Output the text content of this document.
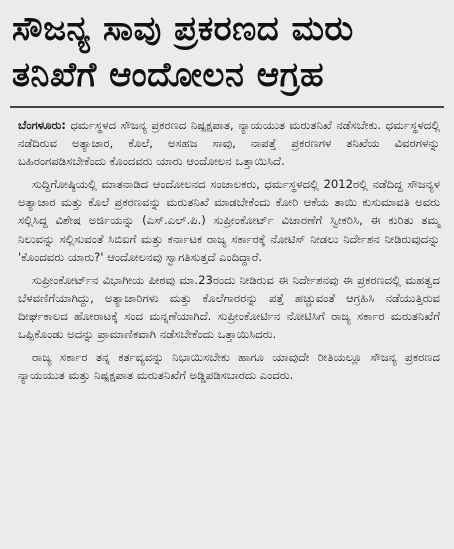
ಸೌಜನ್ಯ ಸಾವು ಪ್ರಕರಣದ ಮರು
ತನಿಖೆಗೆ ಆಂದೋಲನ ಆಗ್ರಹ

ಬೆಂಗಳೂರು: ಧರ್ಮಸ್ಥಳದ ಸೌಜನ್ಯ ಪ್ರಕರಣದ ನಿಷ್ಪಕ್ಷಪಾತ, ನ್ಯಾಯಯುತ ಮರುತನಿಖೆ ನಡೆಸಬೇಕು. ಧರ್ಮಸ್ಥಳದಲ್ಲಿ ನಡೆದಿರುವ ಅತ್ಯಾಚಾರ, ಕೊಲೆ, ಅಸಹಜ ಸಾವು, ನಾಪತ್ತೆ ಪ್ರಕರಣಗಳ ತನಿಖೆಯ ವಿವರಗಳನ್ನು ಬಹಿರಂಗಪಡಿಸಬೇಕೆಂದು ಕೊಂದವರು ಯಾರು ಆಂದೋಲನ ಒತ್ತಾಯಿಸಿದೆ.

ಸುದ್ದಿಗೋಷ್ಠಿಯಲ್ಲಿ ಮಾತನಾಡಿದ ಆಂದೋಲನದ ಸಂಚಾಲಕರು, ಧರ್ಮಸ್ಥಳದಲ್ಲಿ 2012ರಲ್ಲಿ ನಡೆದಿದ್ದ ಸೌಜನ್ಯಳ ಅತ್ಯಾಚಾರ ಮತ್ತು ಕೊಲೆ ಪ್ರಕರಣವನ್ನು ಮರುತನಿಖೆ ಮಾಡಬೇಕೆಂದು ಕೋರಿ ಆಕೆಯ ತಾಯಿ ಕುಸುಮಾವತಿ ಅವರು ಸಲ್ಲಿಸಿದ್ದ ವಿಶೇಷ ಅರ್ಜಿಯನ್ನು (ಎಸ್.ಎಲ್.ಪಿ.) ಸುಪ್ರೀಂಕೋರ್ಟ್ ವಿಚಾರಣೆಗೆ ಸ್ವೀಕರಿಸಿ, ಈ ಕುರಿತು ತಮ್ಮ ನಿಲುವನ್ನು ಸಲ್ಲಿಸುವಂತೆ ಸಿಬಿಐಗೆ ಮತ್ತು ಕರ್ನಾಟಕ ರಾಜ್ಯ ಸರ್ಕಾರಕ್ಕೆ ನೋಟಿಸ್ ನೀಡಲು ನಿರ್ದೇಶನ ನೀಡಿರುವುದನ್ನು 'ಕೊಂದವರು ಯಾರು?' ಆಂದೋಲನವು ಸ್ವಾಗತಿಸುತ್ತದೆ ಎಂದಿದ್ದಾರೆ.

ಸುಪ್ರೀಂಕೋರ್ಟ್‌ನ ವಿಭಾಗೀಯ ಪೀಠವು ಮಾ.23ರಂದು ನೀಡಿರುವ ಈ ನಿರ್ದೇಶನವು ಈ ಪ್ರಕರಣದಲ್ಲಿ ಮಹತ್ವದ ಬೆಳವಣಿಗೆಯಾಗಿದ್ದು, ಅತ್ಯಾಚಾರಿಗಳು ಮತ್ತು ಕೊಲೆಗಾರರನ್ನು ಪತ್ತೆ ಹಚ್ಚುವಂತೆ ಆಗ್ರಹಿಸಿ ನಡೆಯುತ್ತಿರುವ ದೀರ್ಘಕಾಲದ ಹೋರಾಟಕ್ಕೆ ಸಂದ ಮನ್ನಣೆಯಾಗಿದೆ. ಸುಪ್ರೀಂಕೋರ್ಟಿನ ನೋಟಿಸಿಗೆ ರಾಜ್ಯ ಸರ್ಕಾರ ಮರುತನಿಖೆಗೆ ಒಪ್ಪಿಕೊಂಡು ಅದನ್ನು ಪ್ರಾಮಾಣಿಕವಾಗಿ ನಡೆಸಬೇಕೆಂದು ಒತ್ತಾಯಿಸಿದರು.

ರಾಜ್ಯ ಸರ್ಕಾರ ತನ್ನ ಕರ್ತವ್ಯವನ್ನು ನಿಭಾಯಿಸಬೇಕು ಹಾಗೂ ಯಾವುದೇ ರೀತಿಯಲ್ಲೂ ಸೌಜನ್ಯ ಪ್ರಕರಣದ ನ್ಯಾಯಯುತ ಮತ್ತು ನಿಷ್ಪಕ್ಷಪಾತ ಮರುತನಿಖೆಗೆ ಅಡ್ಡಿಪಡಿಸಬಾರದು ಎಂದರು.
